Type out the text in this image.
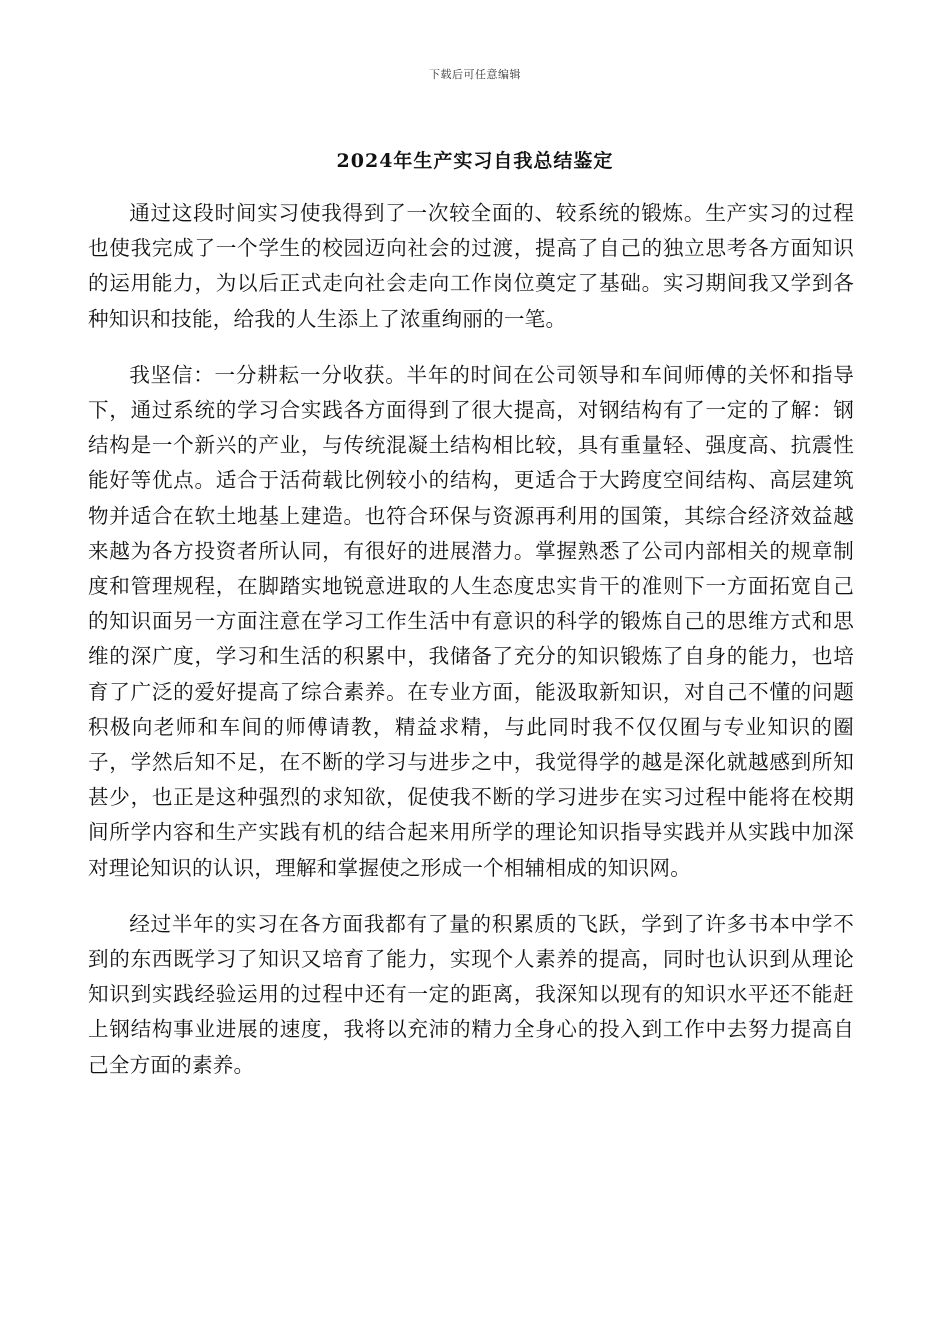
下载后可任意编辑
2024年生产实习自我总结鉴定

通过这段时间实习使我得到了一次较全面的、较系统的锻炼。生产实习的过程也使我完成了一个学生的校园迈向社会的过渡，提高了自己的独立思考各方面知识的运用能力，为以后正式走向社会走向工作岗位奠定了基础。实习期间我又学到各种知识和技能，给我的人生添上了浓重绚丽的一笔。

我坚信：一分耕耘一分收获。半年的时间在公司领导和车间师傅的关怀和指导下，通过系统的学习合实践各方面得到了很大提高，对钢结构有了一定的了解：钢结构是一个新兴的产业，与传统混凝土结构相比较，具有重量轻、强度高、抗震性能好等优点。适合于活荷载比例较小的结构，更适合于大跨度空间结构、高层建筑物并适合在软土地基上建造。也符合环保与资源再利用的国策，其综合经济效益越来越为各方投资者所认同，有很好的进展潜力。掌握熟悉了公司内部相关的规章制度和管理规程，在脚踏实地锐意进取的人生态度忠实肯干的准则下一方面拓宽自己的知识面另一方面注意在学习工作生活中有意识的科学的锻炼自己的思维方式和思维的深广度，学习和生活的积累中，我储备了充分的知识锻炼了自身的能力，也培育了广泛的爱好提高了综合素养。在专业方面，能汲取新知识，对自己不懂的问题积极向老师和车间的师傅请教，精益求精，与此同时我不仅仅囿与专业知识的圈子，学然后知不足，在不断的学习与进步之中，我觉得学的越是深化就越感到所知甚少，也正是这种强烈的求知欲，促使我不断的学习进步在实习过程中能将在校期间所学内容和生产实践有机的结合起来用所学的理论知识指导实践并从实践中加深对理论知识的认识，理解和掌握使之形成一个相辅相成的知识网。

经过半年的实习在各方面我都有了量的积累质的飞跃，学到了许多书本中学不到的东西既学习了知识又培育了能力，实现个人素养的提高，同时也认识到从理论知识到实践经验运用的过程中还有一定的距离，我深知以现有的知识水平还不能赶上钢结构事业进展的速度，我将以充沛的精力全身心的投入到工作中去努力提高自己全方面的素养。
